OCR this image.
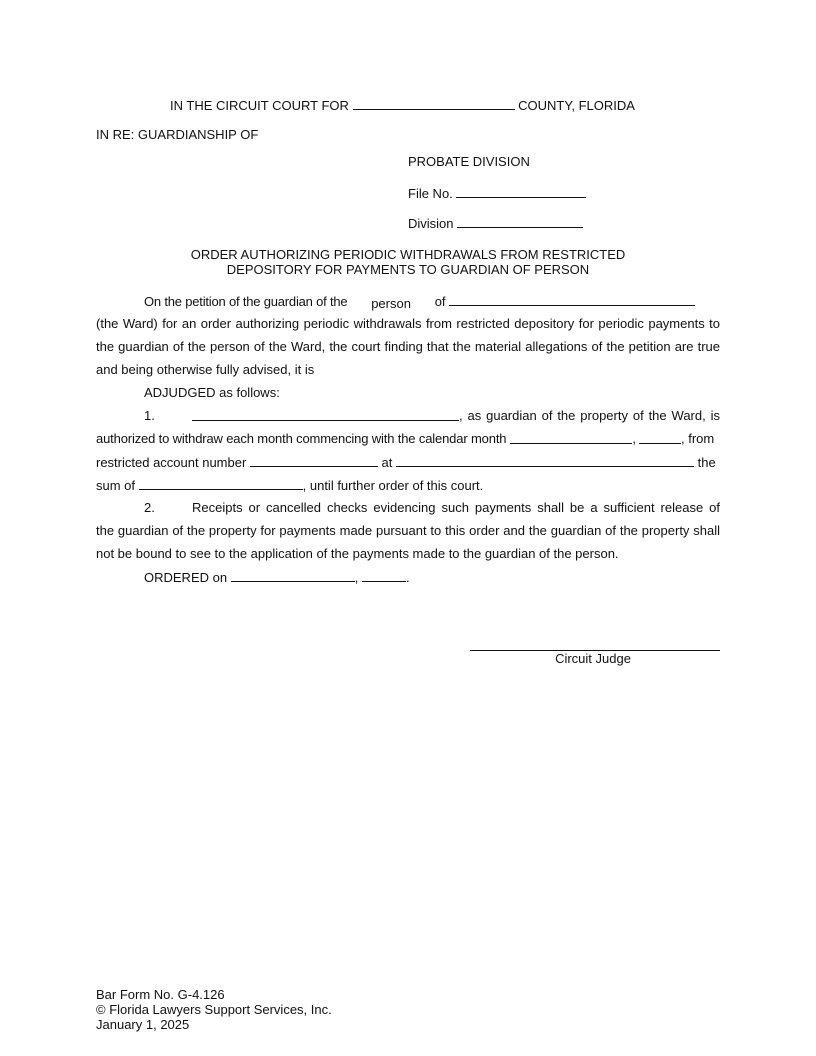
IN THE CIRCUIT COURT FOR	COUNTY, FLORIDA
IN RE: GUARDIANSHIP OF
PROBATE DIVISION
File No.
Division
ORDER AUTHORIZING PERIODIC WITHDRAWALS FROM RESTRICTED
DEPOSITORY FOR PAYMENTS TO GUARDIAN OF PERSON
On the petition of the guardian of the person of
(the Ward) for an order authorizing periodic withdrawals from restricted depository for periodic payments to
the guardian of the person of the Ward, the court finding that the material allegations of the petition are true
and being otherwise fully advised, it is
ADJUDGED as follows:
1.	, as guardian of the property of the Ward, is
authorized to withdraw each month commencing with the calendar month	,	, from
restricted account number	at	the
sum of	, until further order of this court.
2.	Receipts or cancelled checks evidencing such payments shall be a sufficient release of
the guardian of the property for payments made pursuant to this order and the guardian of the property shall
not be bound to see to the application of the payments made to the guardian of the person.
ORDERED on	,	.
Circuit Judge
Bar Form No. G-4.126
© Florida Lawyers Support Services, Inc.
January 1, 2025
